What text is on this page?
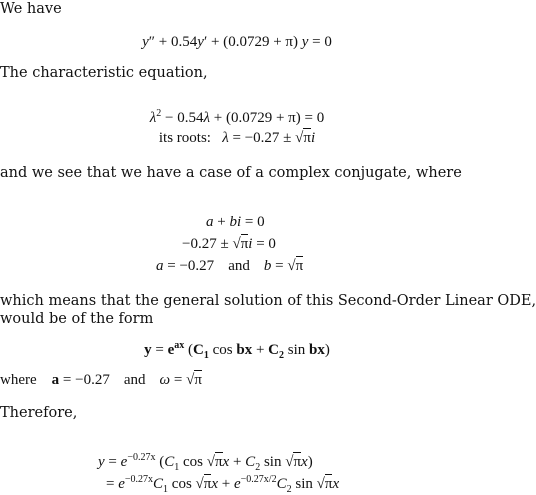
We have
y″ + 0.54y′ + (0.0729 + π) y = 0
The characteristic equation,
$\lambda^2 - 0.54\lambda + (0.0729 + \pi) = 0$
its roots: λ = −0.27 ± √πi
and we see that we have a case of a complex conjugate, where
a + bi = 0
−0.27 ± √πi = 0
a = −0.27 and b = √π
which means that the general solution of this Second-Order Linear ODE,
would be of the form
$y = e^{ax}$ ($C_1$ cos bx + $C_2$ sin bx)
where a = −0.27 and ω = √π
Therefore,
$y = e^{-0.27x}$ ($C_1$ $\cos √\pi x + C_2$ sin √πx)
= $e^{-0.27x}C_1$ $\cos √\pi x + e^{-0.27x/2}C_2$ sin √πx
